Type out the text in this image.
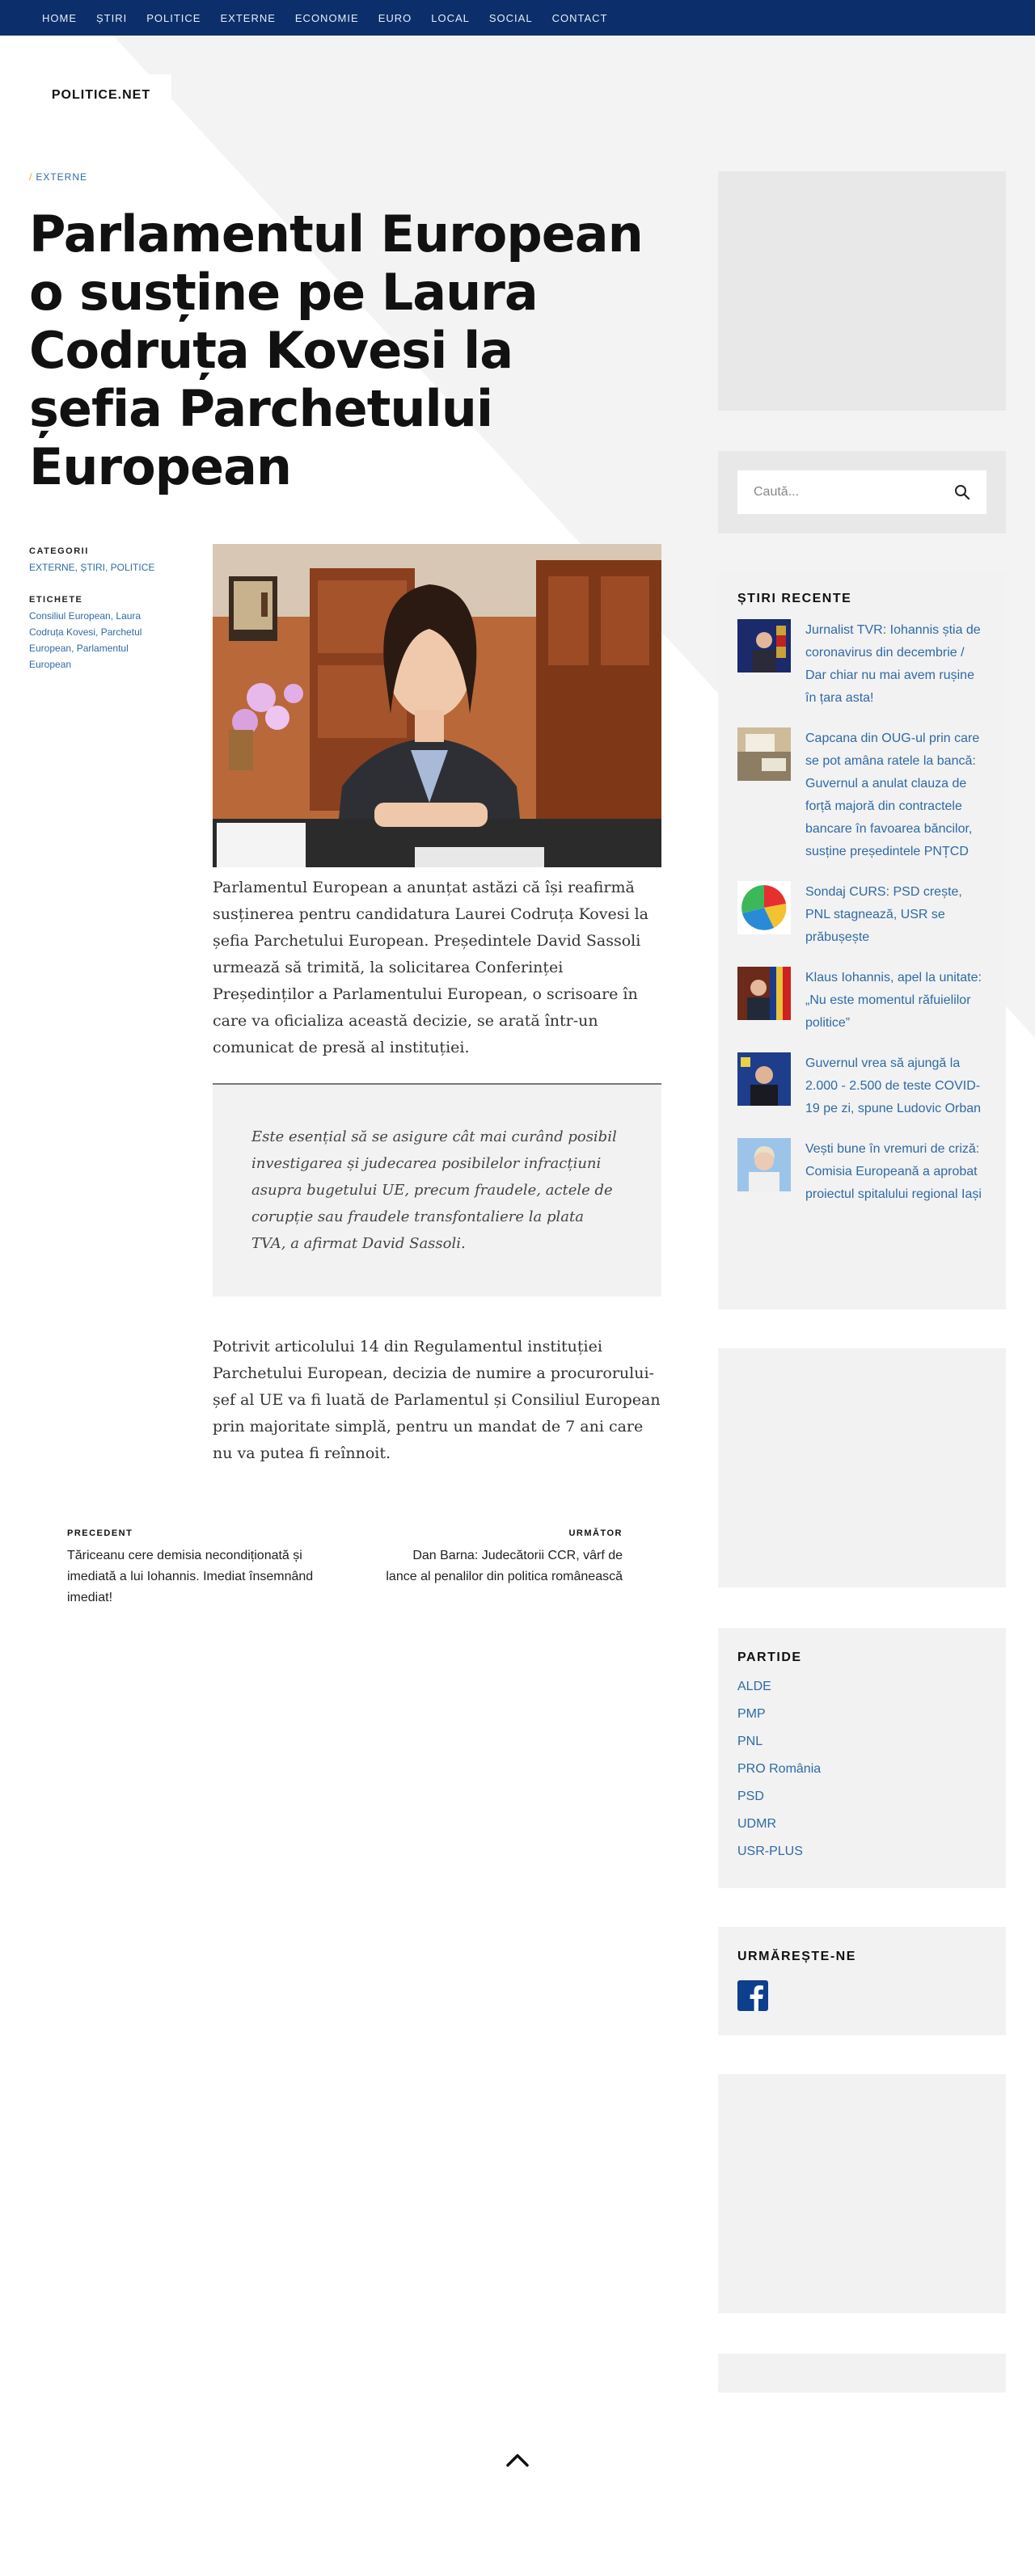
HOME	ȘTIRI	POLITICE	EXTERNE	ECONOMIE	EURO	LOCAL	SOCIAL	CONTACT
POLITICE.NET
/ EXTERNE
Parlamentul European o susține pe Laura Codruța Kovesi la șefia Parchetului European
CATEGORII

EXTERNE, ȘTIRI, POLITICE

ETICHETE

Consiliul European, Laura Codruța Kovesi, Parchetul European, Parlamentul European

Parlamentul European a anunțat astăzi că își reafirmă susținerea pentru candidatura Laurei Codruța Kovesi la șefia Parchetului European. Președintele David Sassoli urmează să trimită, la solicitarea Conferinței Președinților a Parlamentului European, o scrisoare în care va oficializa această decizie, se arată într-un comunicat de presă al instituției.

Este esențial să se asigure cât mai curând posibil investigarea și judecarea posibilelor infracțiuni asupra bugetului UE, precum fraudele, actele de corupție sau fraudele transfontaliere la plata TVA, a afirmat David Sassoli.

Potrivit articolului 14 din Regulamentul instituției Parchetului European, decizia de numire a procurorului-șef al UE va fi luată de Parlamentul și Consiliul European prin majoritate simplă, pentru un mandat de 7 ani care nu va putea fi reînnoit.

PRECEDENT
Tăriceanu cere demisia necondiționată și imediată a lui Iohannis. Imediat însemnând imediat!
URMĂTOR
Dan Barna: Judecătorii CCR, vârf de lance al penalilor din politica românească
Caută...
ȘTIRI RECENTE
Jurnalist TVR: Iohannis știa de coronavirus din decembrie / Dar chiar nu mai avem rușine în țara asta!
Capcana din OUG-ul prin care se pot amâna ratele la bancă: Guvernul a anulat clauza de forță majoră din contractele bancare în favoarea băncilor, susține președintele PNȚCD
Sondaj CURS: PSD crește, PNL stagnează, USR se prăbușește
Klaus Iohannis, apel la unitate: „Nu este momentul răfuielilor politice”
Guvernul vrea să ajungă la 2.000 - 2.500 de teste COVID-19 pe zi, spune Ludovic Orban
Vești bune în vremuri de criză: Comisia Europeană a aprobat proiectul spitalului regional Iași
PARTIDE
ALDE
PMP
PNL
PRO România
PSD
UDMR
USR-PLUS
URMĂREȘTE-NE
